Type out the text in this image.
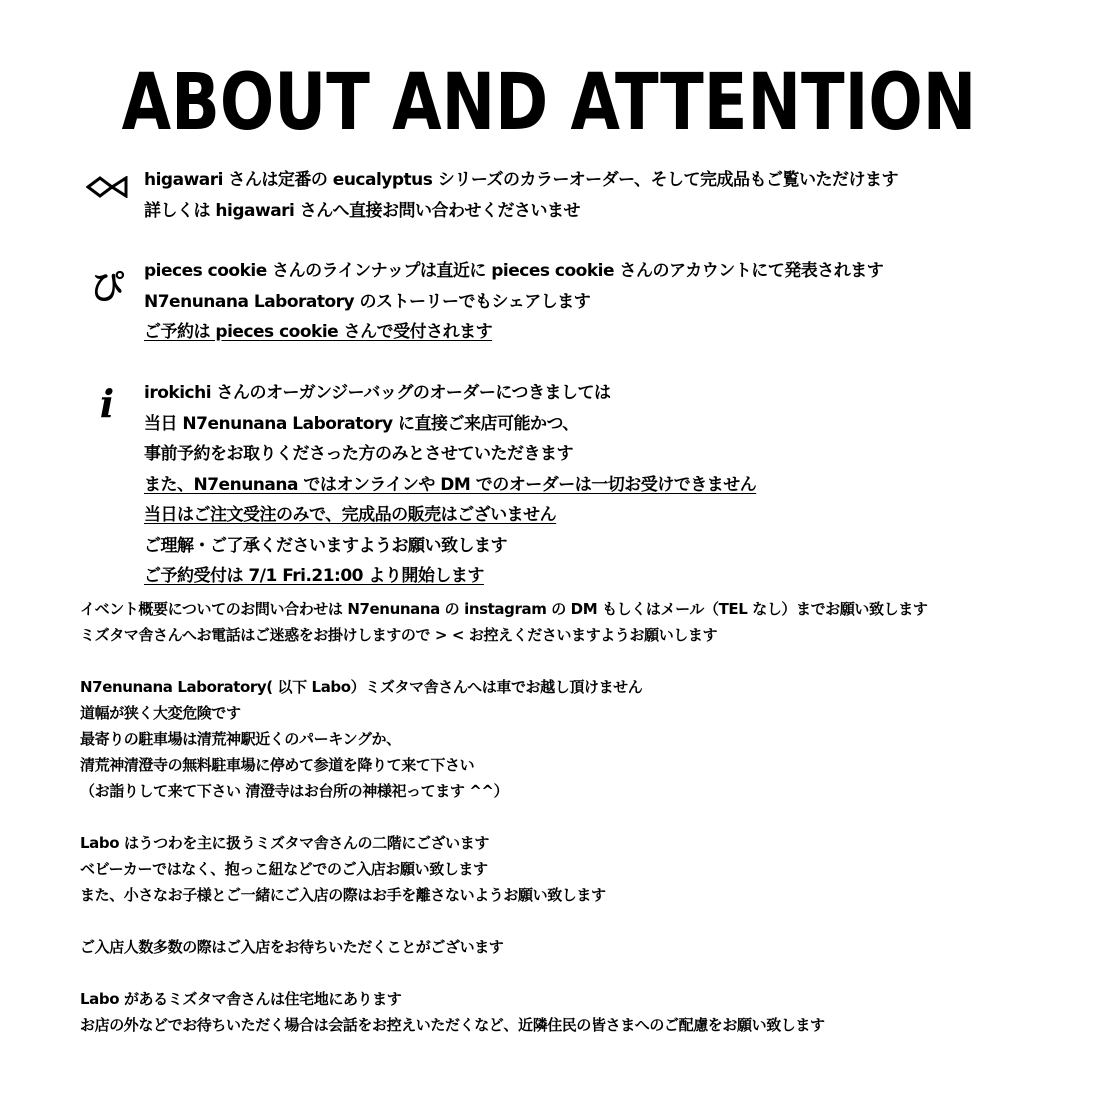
ABOUT AND ATTENTION
higawari さんは定番の eucalyptus シリーズのカラーオーダー、そして完成品もご覧いただけます
詳しくは higawari さんへ直接お問い合わせくださいませ
ぴ pieces cookie さんのラインナップは直近に pieces cookie さんのアカウントにて発表されます
N7enunana Laboratory のストーリーでもシェアします
ご予約は pieces cookie さんで受付されます
i irokichi さんのオーガンジーバッグのオーダーにつきましては
当日 N7enunana Laboratory に直接ご来店可能かつ、
事前予約をお取りくださった方のみとさせていただきます
また、N7enunana ではオンラインや DM でのオーダーは一切お受けできません
当日はご注文受注のみで、完成品の販売はございません
ご理解・ご了承くださいますようお願い致します
ご予約受付は 7/1 Fri.21:00 より開始します
イベント概要についてのお問い合わせは N7enunana の instagram の DM もしくはメール（TEL なし）までお願い致します
ミズタマ舎さんへお電話はご迷惑をお掛けしますので > < お控えくださいますようお願いします
N7enunana Laboratory( 以下 Labo）ミズタマ舎さんへは車でお越し頂けません
道幅が狭く大変危険です
最寄りの駐車場は清荒神駅近くのパーキングか、
清荒神清澄寺の無料駐車場に停めて参道を降りて来て下さい
（お詣りして来て下さい 清澄寺はお台所の神様祀ってます ^^）
Labo はうつわを主に扱うミズタマ舎さんの二階にございます
ベビーカーではなく、抱っこ紐などでのご入店お願い致します
また、小さなお子様とご一緒にご入店の際はお手を離さないようお願い致します
ご入店人数多数の際はご入店をお待ちいただくことがございます
Labo があるミズタマ舎さんは住宅地にあります
お店の外などでお待ちいただく場合は会話をお控えいただくなど、近隣住民の皆さまへのご配慮をお願い致します
